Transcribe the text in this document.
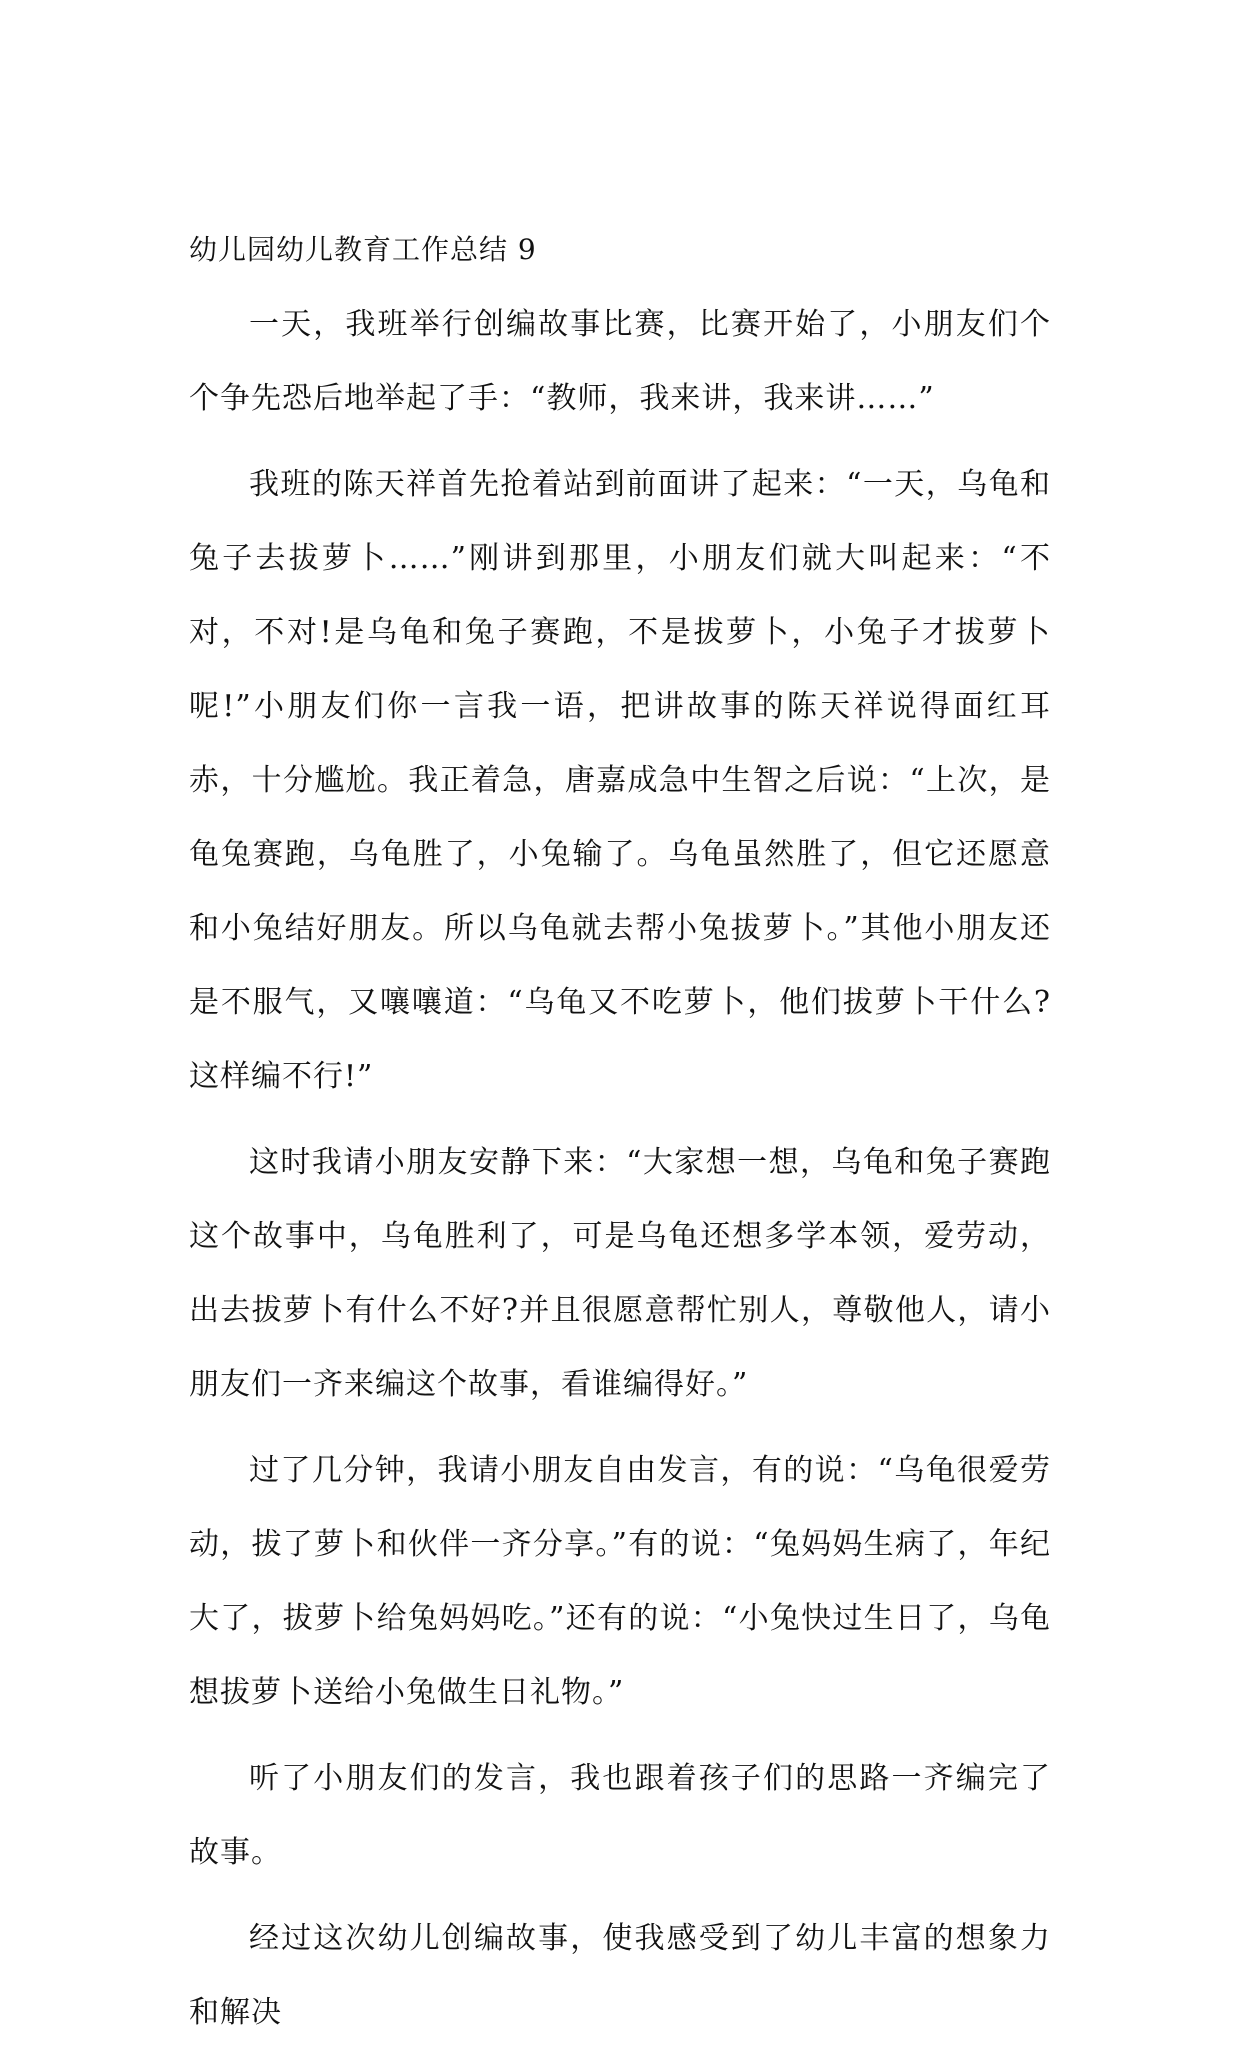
幼儿园幼儿教育工作总结 9

一天，我班举行创编故事比赛，比赛开始了，小朋友们个个争先恐后地举起了手：“教师，我来讲，我来讲……”

我班的陈天祥首先抢着站到前面讲了起来：“一天，乌龟和兔子去拔萝卜……”刚讲到那里，小朋友们就大叫起来：“不对，不对!是乌龟和兔子赛跑，不是拔萝卜，小兔子才拔萝卜呢!”小朋友们你一言我一语，把讲故事的陈天祥说得面红耳赤，十分尴尬。我正着急，唐嘉成急中生智之后说：“上次，是龟兔赛跑，乌龟胜了，小兔输了。乌龟虽然胜了，但它还愿意和小兔结好朋友。所以乌龟就去帮小兔拔萝卜。”其他小朋友还是不服气，又嚷嚷道：“乌龟又不吃萝卜，他们拔萝卜干什么?这样编不行!”

这时我请小朋友安静下来：“大家想一想，乌龟和兔子赛跑这个故事中，乌龟胜利了，可是乌龟还想多学本领，爱劳动，出去拔萝卜有什么不好?并且很愿意帮忙别人，尊敬他人，请小朋友们一齐来编这个故事，看谁编得好。”

过了几分钟，我请小朋友自由发言，有的说：“乌龟很爱劳动，拔了萝卜和伙伴一齐分享。”有的说：“兔妈妈生病了，年纪大了，拔萝卜给兔妈妈吃。”还有的说：“小兔快过生日了，乌龟想拔萝卜送给小兔做生日礼物。”

听了小朋友们的发言，我也跟着孩子们的思路一齐编完了故事。

经过这次幼儿创编故事，使我感受到了幼儿丰富的想象力和解决
